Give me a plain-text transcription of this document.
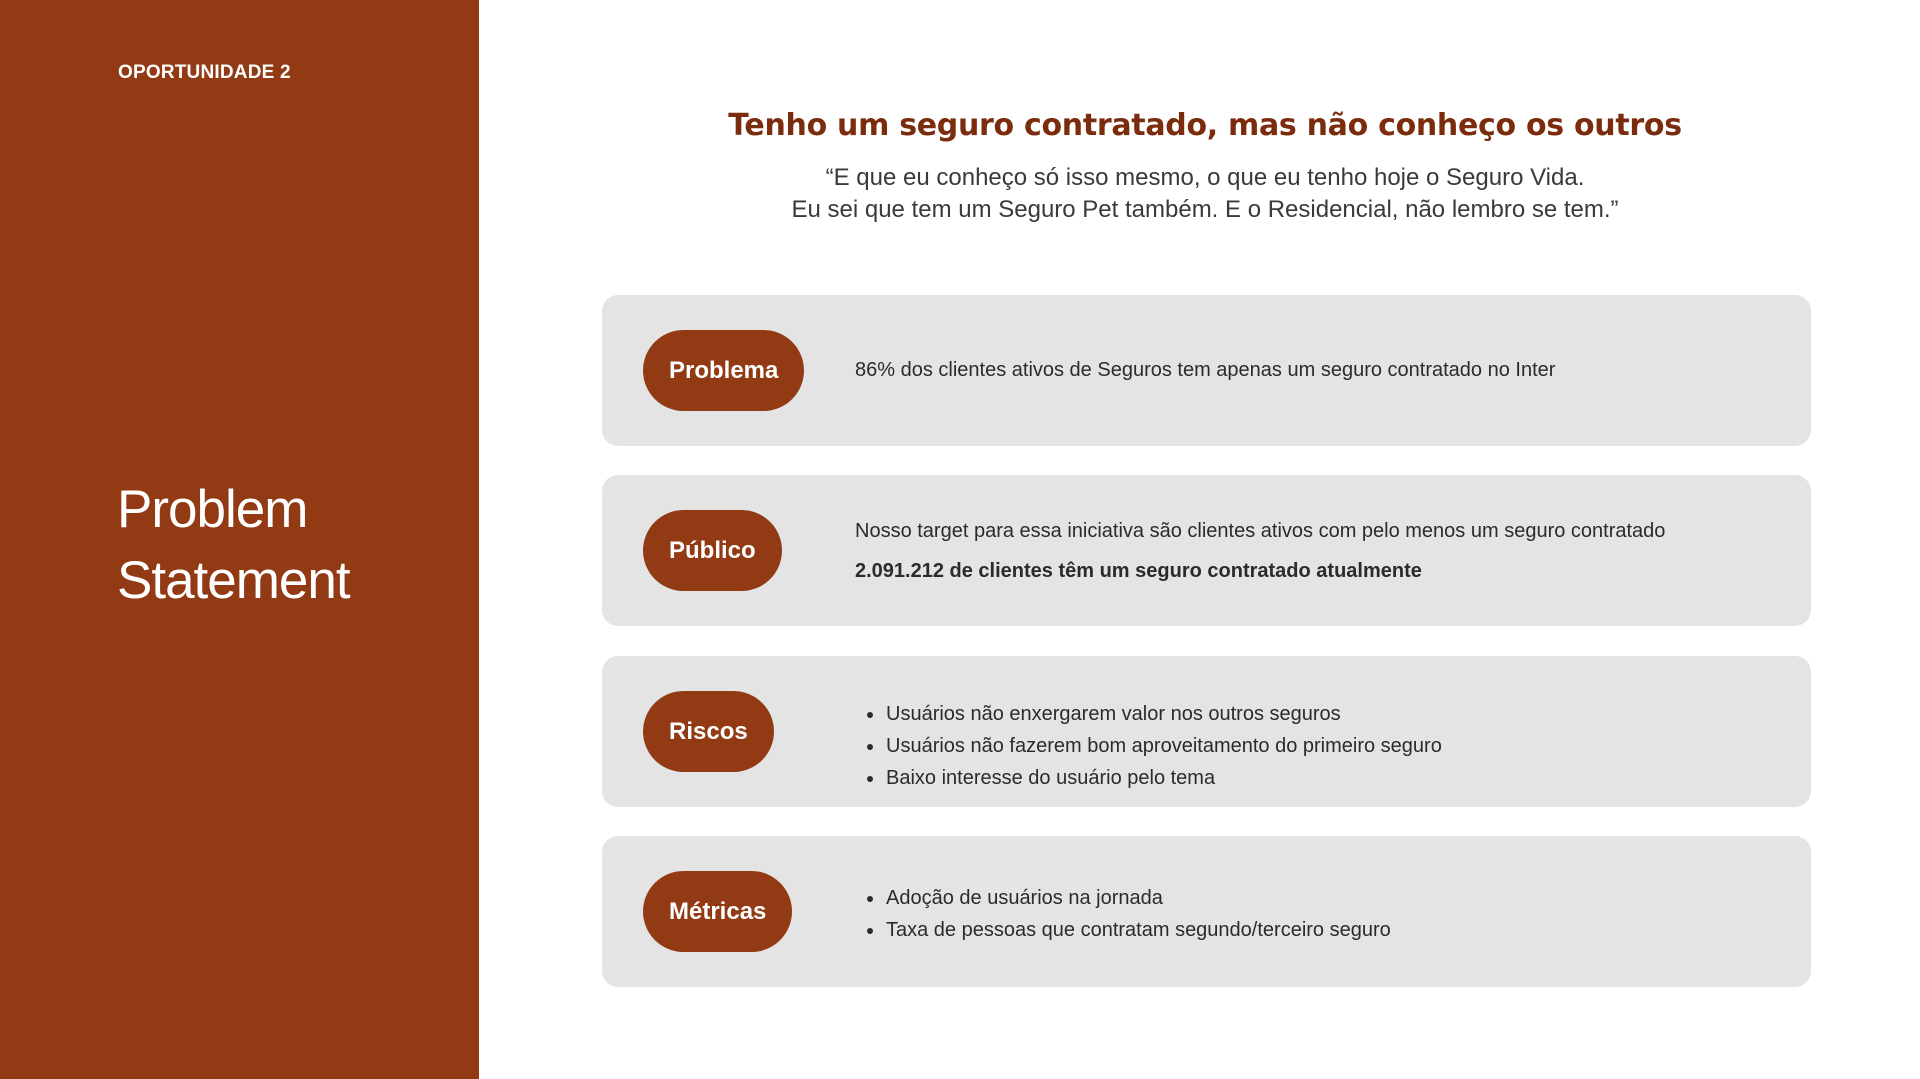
OPORTUNIDADE 2
Problem
Statement
Tenho um seguro contratado, mas não conheço os outros
“E que eu conheço só isso mesmo, o que eu tenho hoje o Seguro Vida.
Eu sei que tem um Seguro Pet também. E o Residencial, não lembro se tem.”
Problema	86% dos clientes ativos de Seguros tem apenas um seguro contratado no Inter
Público
Nosso target para essa iniciativa são clientes ativos com pelo menos um seguro contratado
2.091.212 de clientes têm um seguro contratado atualmente
Riscos
Usuários não enxergarem valor nos outros seguros
Usuários não fazerem bom aproveitamento do primeiro seguro
Baixo interesse do usuário pelo tema
Métricas	Adoção de usuários na jornada
Taxa de pessoas que contratam segundo/terceiro seguro
